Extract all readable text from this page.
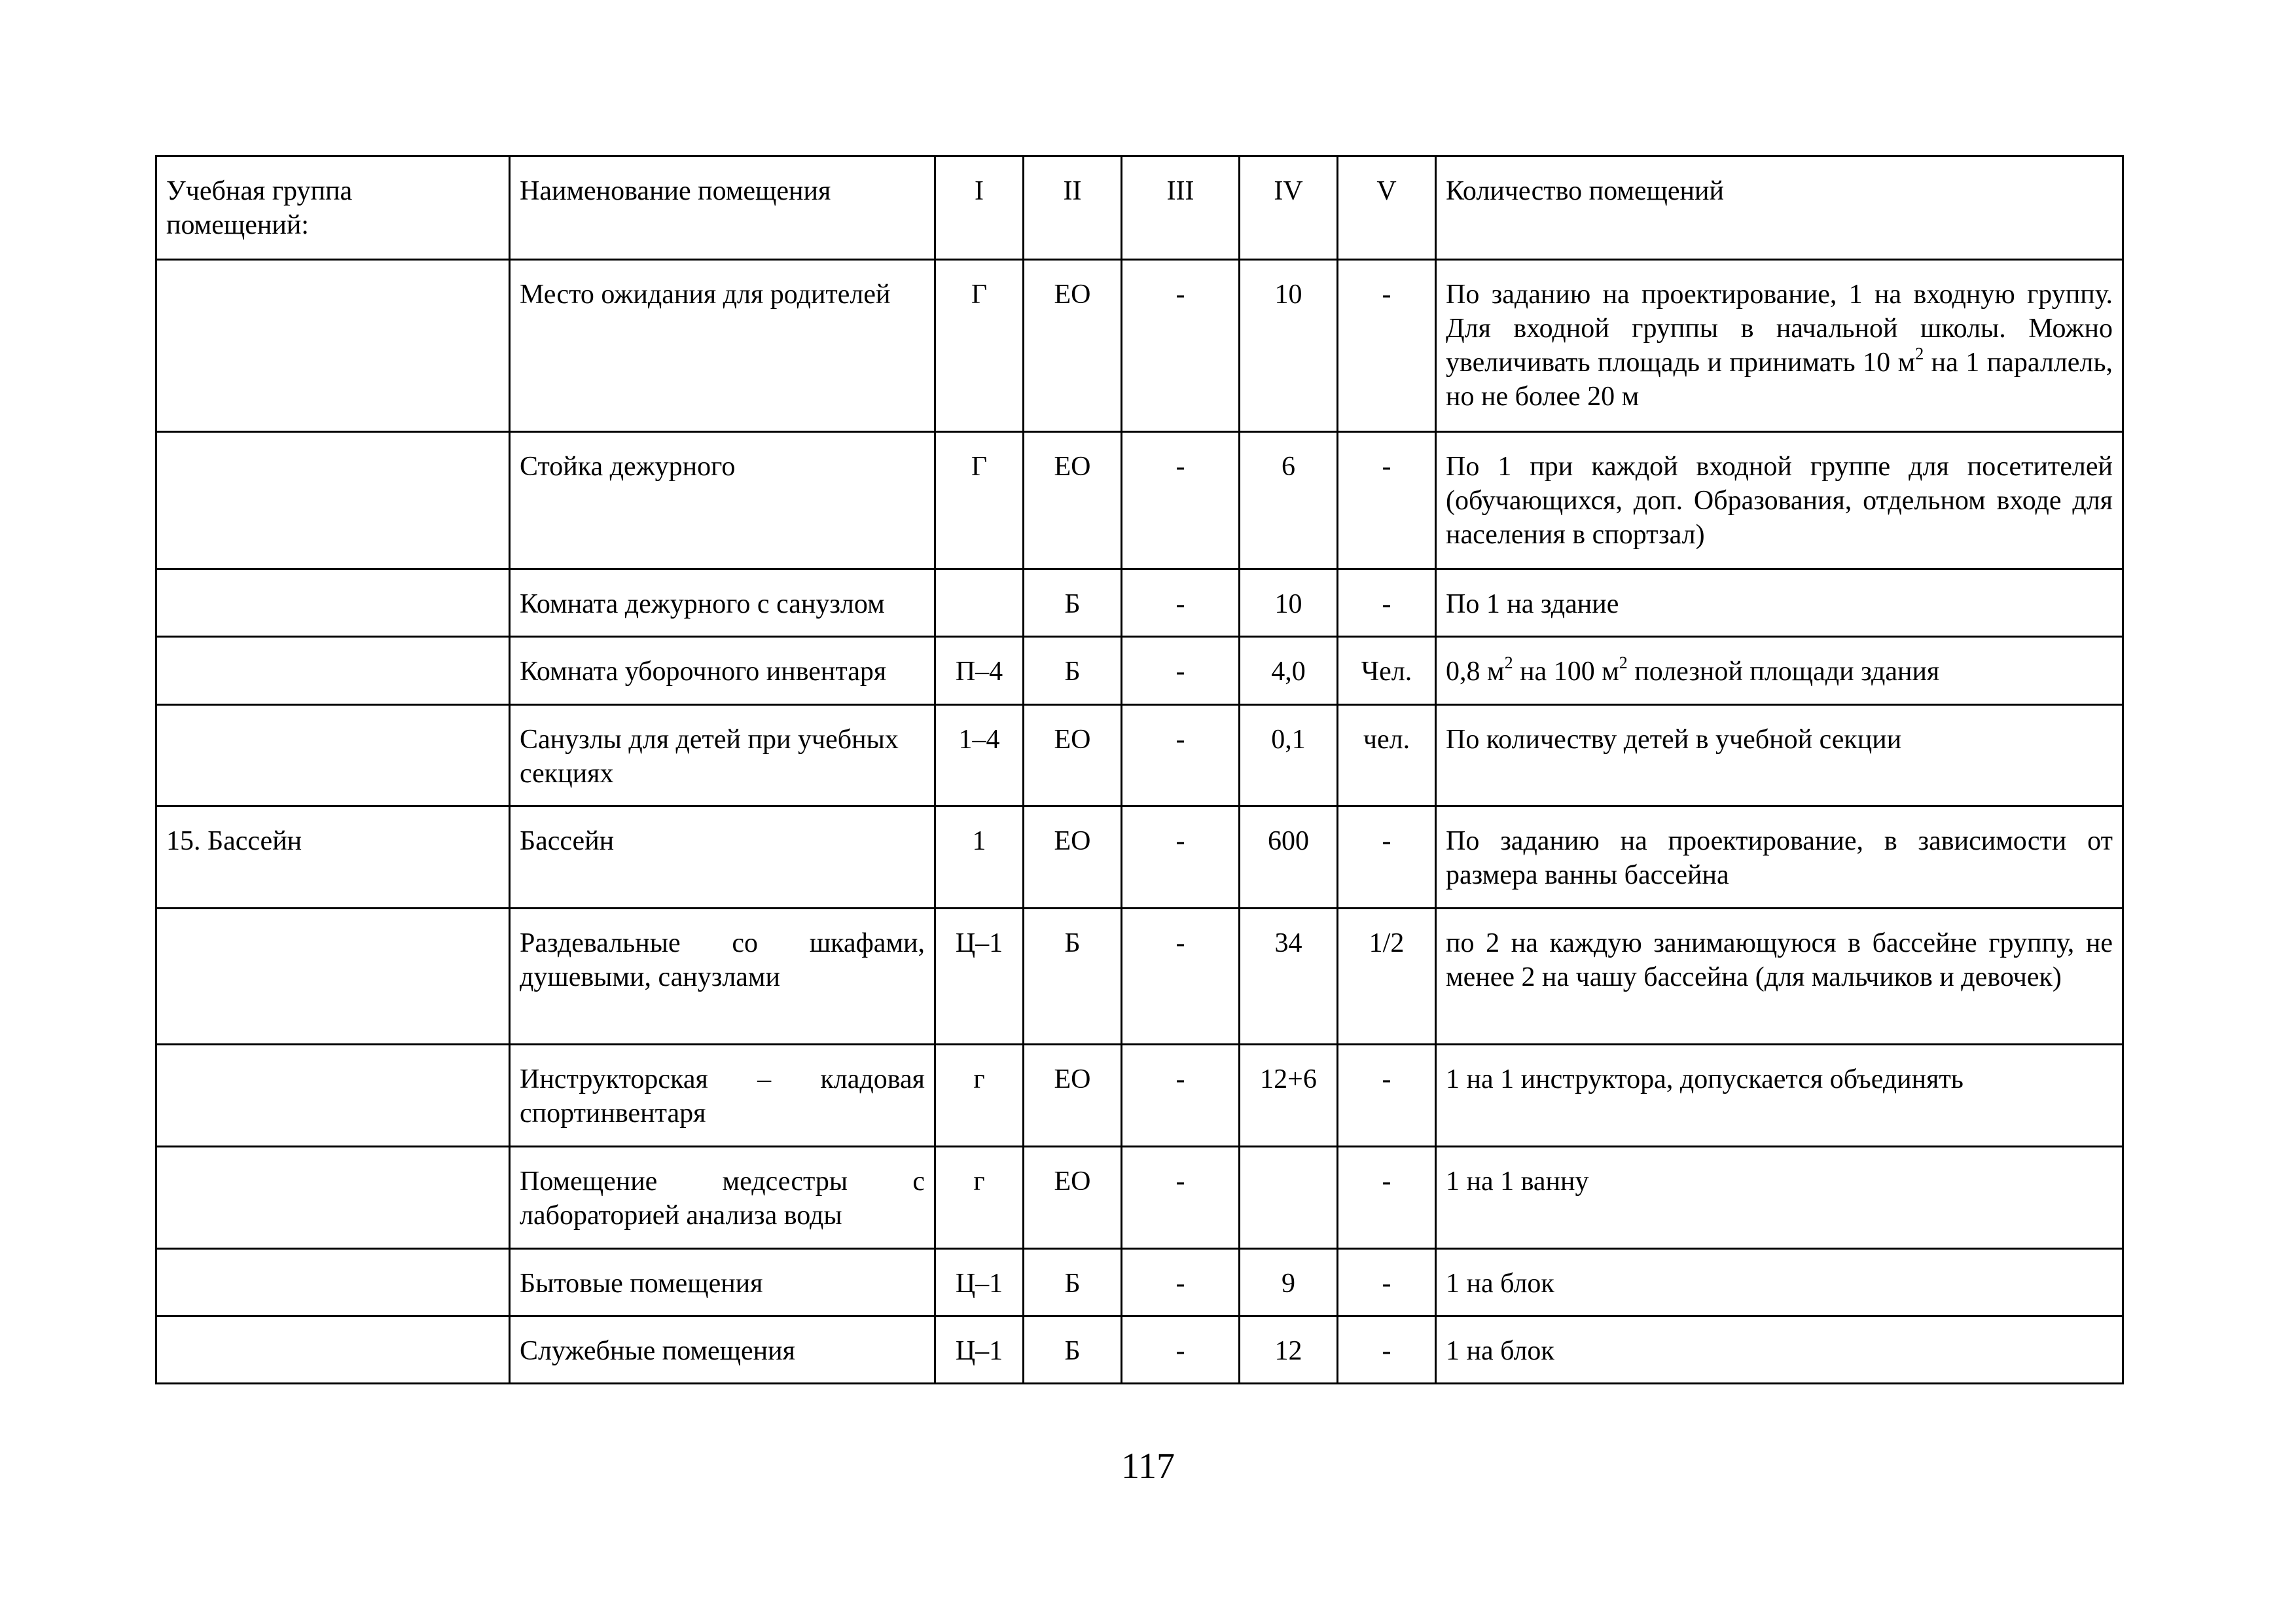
Учебная группа
помещений:	Наименование помещения	I	II	III	IV	V	Количество помещений
	Место ожидания для родителей	Г	ЕО	-	10	-	По заданию на проектирование, 1 на входную группу. Для входной группы в начальной школы. Можно увеличивать площадь и принимать 10 $м^2$ на 1 параллель, но не более 20 м
	Стойка дежурного	Г	ЕО	-	6	-	По 1 при каждой входной группе для посетителей (обучающихся, доп. Образования, отдельном входе для населения в спортзал)
	Комната дежурного с санузлом		Б	-	10	-	По 1 на здание
	Комната уборочного инвентаря	П–4	Б	-	4,0	Чел.	0,8 $м^2$ на 100 $м^2$ полезной площади здания
	Санузлы для детей при учебных секциях	1–4	ЕО	-	0,1	чел.	По количеству детей в учебной секции
15. Бассейн	Бассейн	1	ЕО	-	600	-	По заданию на проектирование, в зависимости от размера ванны бассейна
	Раздевальные со шкафами, душевыми, санузлами	Ц–1	Б	-	34	1/2	по 2 на каждую занимающуюся в бассейне группу, не менее 2 на чашу бассейна (для мальчиков и девочек)
	Инструкторская – кладовая спортинвентаря	г	ЕО	-	12+6	-	1 на 1 инструктора, допускается объединять
	Помещение медсестры с лабораторией анализа воды	г	ЕО	-		-	1 на 1 ванну
	Бытовые помещения	Ц–1	Б	-	9	-	1 на блок
	Служебные помещения	Ц–1	Б	-	12	-	1 на блок
117
